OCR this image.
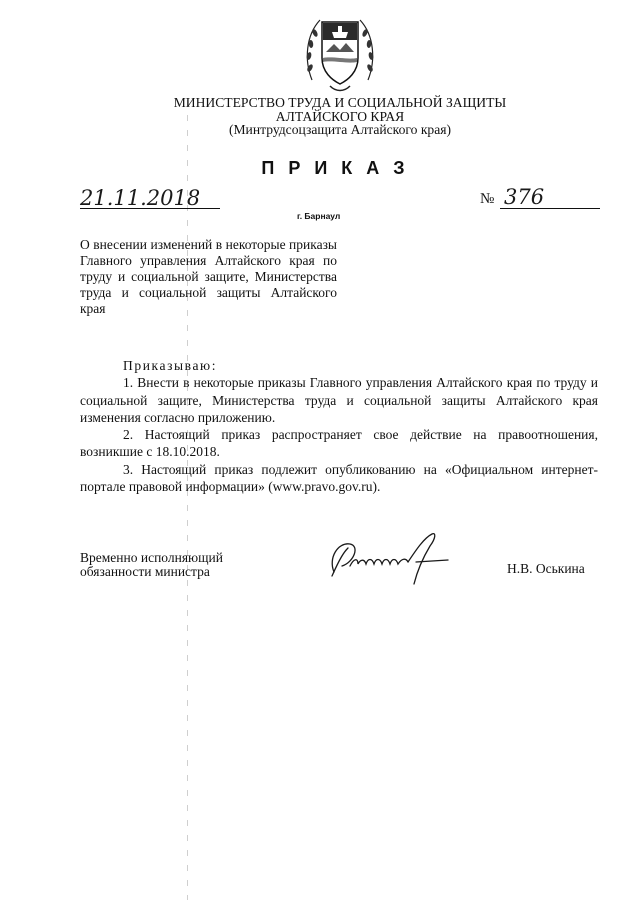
МИНИСТЕРСТВО ТРУДА И СОЦИАЛЬНОЙ ЗАЩИТЫ
АЛТАЙСКОГО КРАЯ
(Минтрудсоцзащита Алтайского края)
ПРИКАЗ
21.11.2018	№ 376
г. Барнаул
О внесении изменений в некоторые приказы Главного управления Алтайского края по труду и социальной защите, Министерства труда и социальной защиты Алтайского края

Приказываю:

1. Внести в некоторые приказы Главного управления Алтайского края по труду и социальной защите, Министерства труда и социальной защиты Алтайского края изменения согласно приложению.

2. Настоящий приказ распространяет свое действие на правоотношения, возникшие с 18.10.2018.

3. Настоящий приказ подлежит опубликованию на «Официальном интернет-портале правовой информации» (www.pravo.gov.ru).

Временно исполняющий
обязанности министра	Н.В. Оськина
